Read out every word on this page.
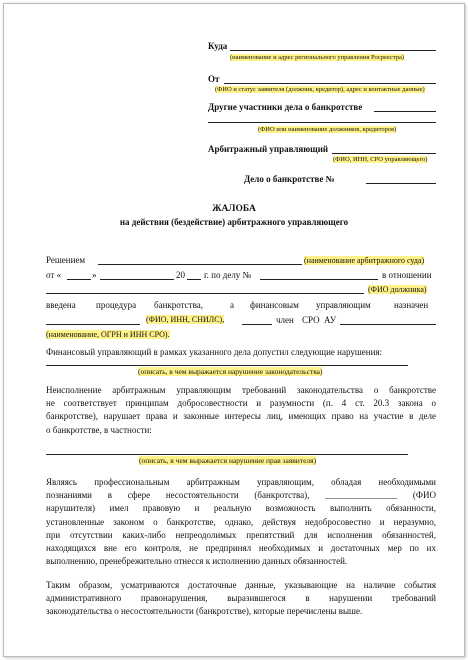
Куда
(наименование и адрес регионального управления Росреестра)
От
(ФИО и статус заявителя (должник, кредитор), адрес и контактные данные)
Другие участники дела о банкротстве
(ФИО или наименование должников, кредиторов)
Арбитражный управляющий
(ФИО, ИНН, СРО управляющего)
Дело о банкротстве №
ЖАЛОБА
на действия (бездействие) арбитражного управляющего
Решением	(наименование арбитражного суда)
от «	»	20 г. по делу №	в отношении
(ФИО должника)
введена процедура банкротства,	а финансовым управляющим	назначен
(ФИО, ИНН, СНИЛС),	член СРО АУ
(наименование, ОГРН и ИНН СРО).
Финансовый управляющий в рамках указанного дела допустил следующие нарушения:
(описать, в чем выражается нарушение законодательства)
Неисполнение арбитражным управляющим требований законодательства о банкротстве
не соответствует принципам добросовестности и разумности (п. 4 ст. 20.3 закона о
банкротстве), нарушает права и законные интересы лиц, имеющих право на участие в деле
о банкротстве, в частности:
(описать, в чем выражается нарушение прав заявителя)
Являясь профессиональным арбитражным управляющим, обладая необходимыми
познаниями в сфере несостоятельности (банкротства), ________________ (ФИО
нарушителя) имел правовую и реальную возможность выполнить обязанности,
установленные законом о банкротстве, однако, действуя недобросовестно и неразумно,
при отсутствии каких-либо непреодолимых препятствий для исполнения обязанностей,
находящихся вне его контроля, не предпринял необходимых и достаточных мер по их
выполнению, пренебрежительно отнесся к исполнению данных обязанностей.
Таким образом, усматриваются достаточные данные, указывающие на наличие события
административного правонарушения, выразившегося в нарушении требований
законодательства о несостоятельности (банкротстве), которые перечислены выше.
